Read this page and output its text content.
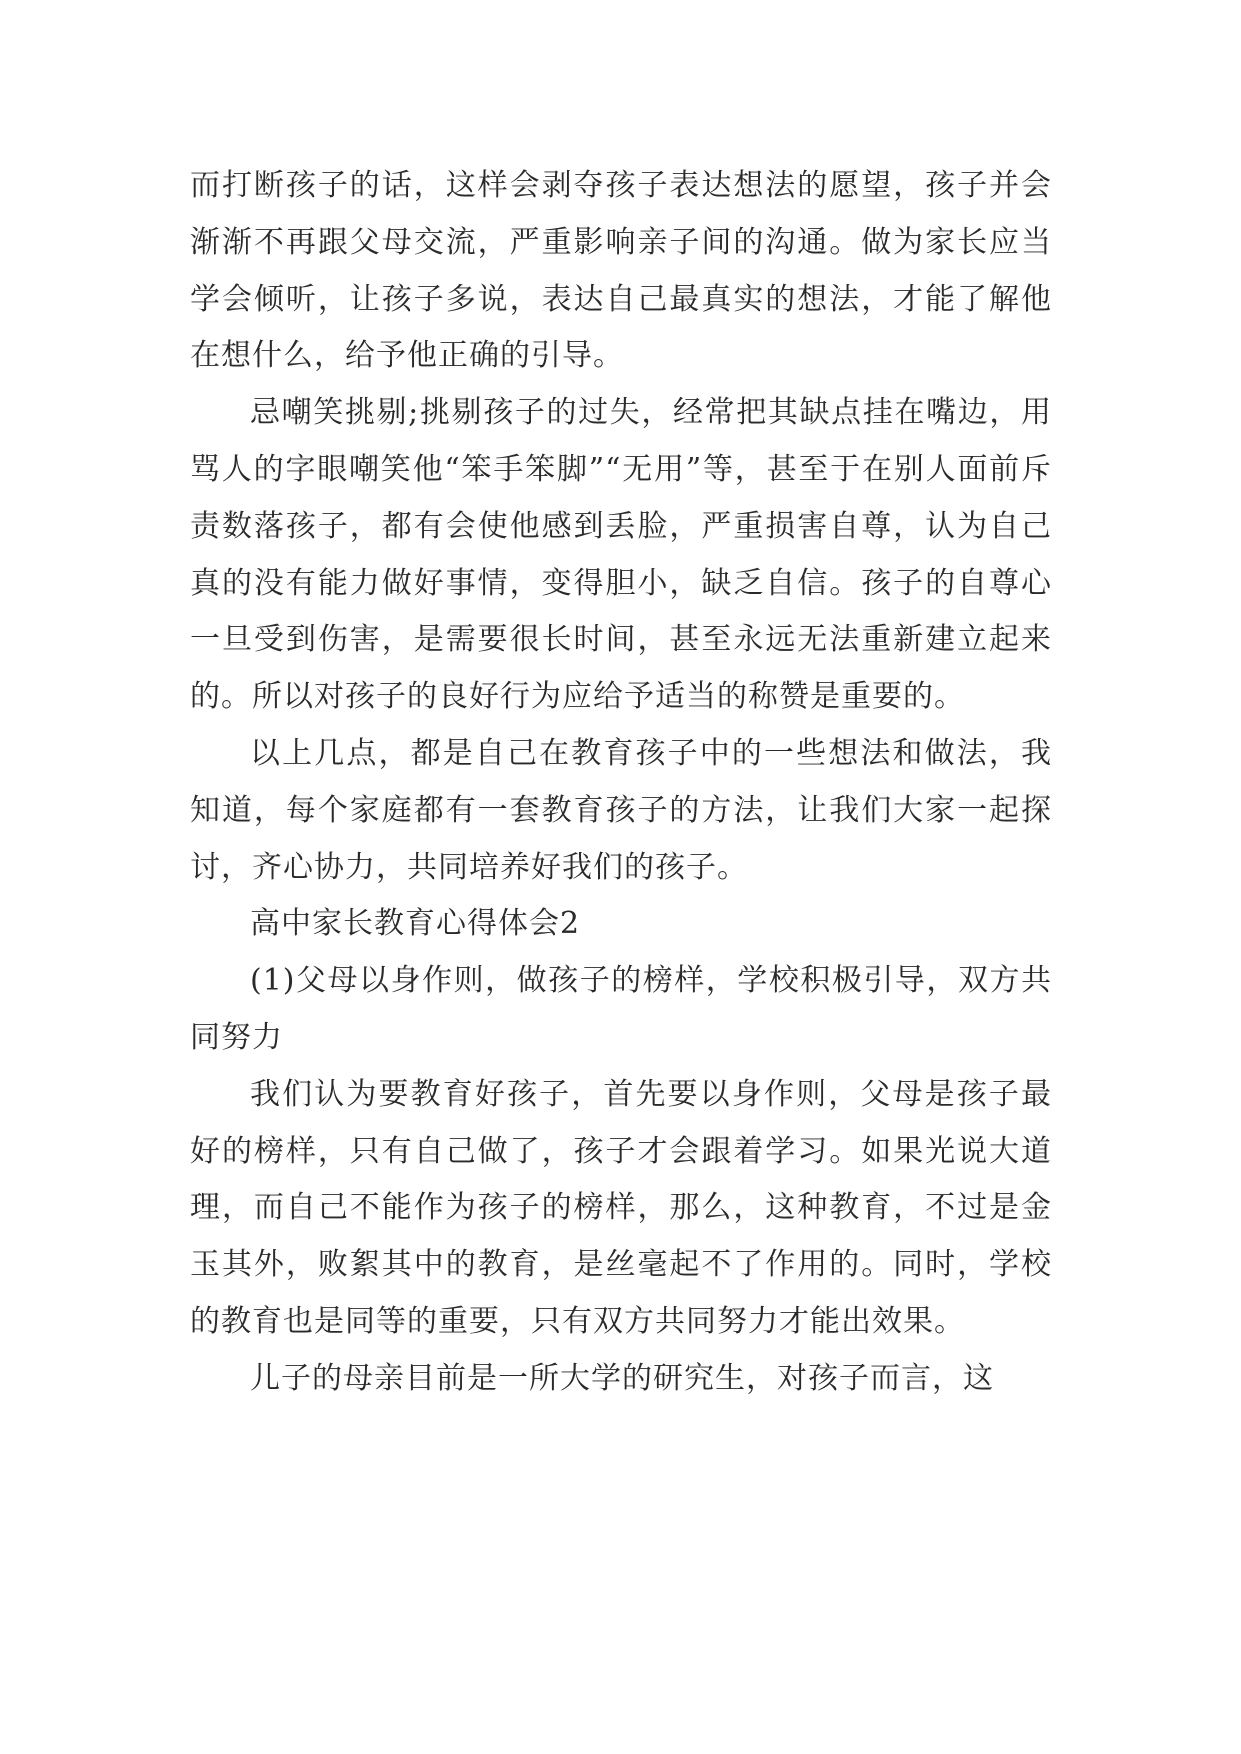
而打断孩子的话，这样会剥夺孩子表达想法的愿望，孩子并会渐渐不再跟父母交流，严重影响亲子间的沟通。做为家长应当学会倾听，让孩子多说，表达自己最真实的想法，才能了解他在想什么，给予他正确的引导。

忌嘲笑挑剔;挑剔孩子的过失，经常把其缺点挂在嘴边，用骂人的字眼嘲笑他“笨手笨脚”“无用”等，甚至于在别人面前斥责数落孩子，都有会使他感到丢脸，严重损害自尊，认为自己真的没有能力做好事情，变得胆小，缺乏自信。孩子的自尊心一旦受到伤害，是需要很长时间，甚至永远无法重新建立起来的。所以对孩子的良好行为应给予适当的称赞是重要的。

以上几点，都是自己在教育孩子中的一些想法和做法，我知道，每个家庭都有一套教育孩子的方法，让我们大家一起探讨，齐心协力，共同培养好我们的孩子。

高中家长教育心得体会2

(1)父母以身作则，做孩子的榜样，学校积极引导，双方共同努力

我们认为要教育好孩子，首先要以身作则，父母是孩子最好的榜样，只有自己做了，孩子才会跟着学习。如果光说大道理，而自己不能作为孩子的榜样，那么，这种教育，不过是金玉其外，败絮其中的教育，是丝毫起不了作用的。同时，学校的教育也是同等的重要，只有双方共同努力才能出效果。

儿子的母亲目前是一所大学的研究生，对孩子而言，这
